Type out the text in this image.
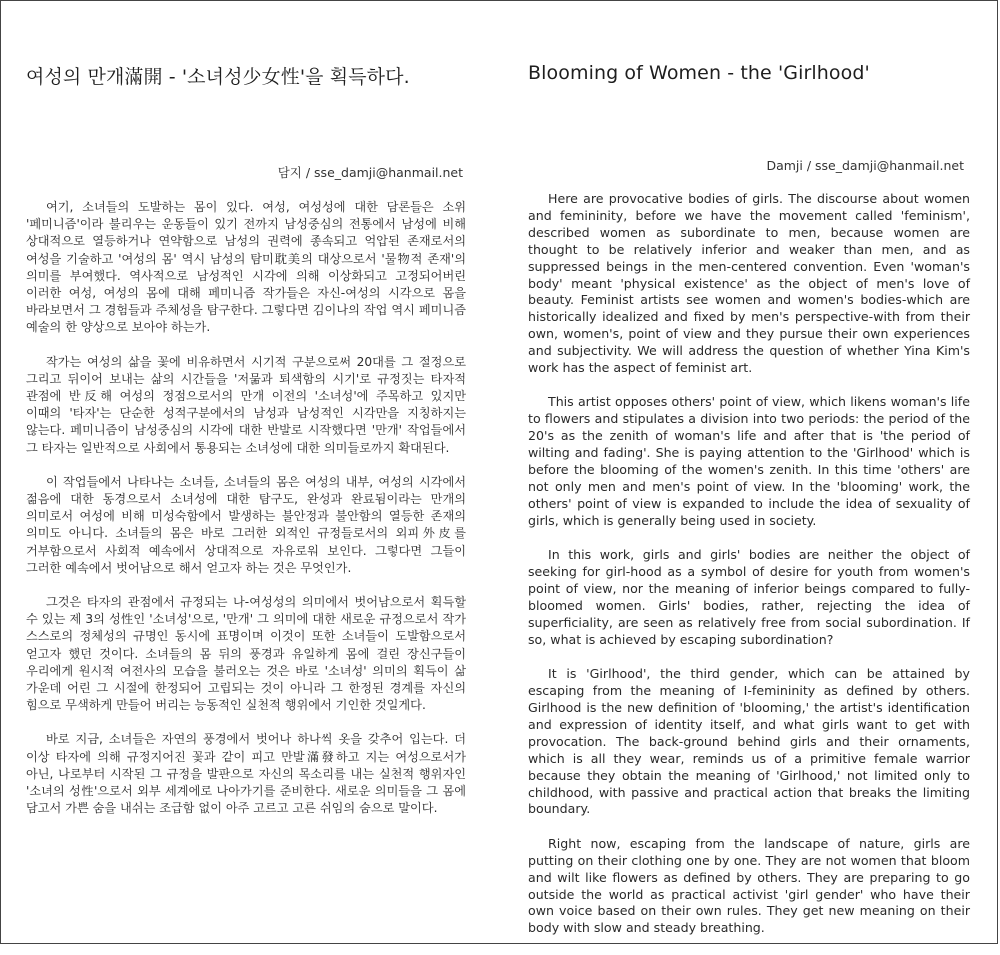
여성의 만개滿開 - '소녀성少女性'을 획득하다.
담지 / sse_damji@hanmail.net

여기, 소녀들의 도발하는 몸이 있다. 여성, 여성성에 대한 담론들은 소위 '페미니즘'이라 불리우는 운동들이 있기 전까지 남성중심의 전통에서 남성에 비해 상대적으로 열등하거나 연약함으로 남성의 권력에 종속되고 억압된 존재로서의 여성을 기술하고 '여성의 몸' 역시 남성의 탐미耽美의 대상으로서 '물物적 존재'의 의미를 부여했다. 역사적으로 남성적인 시각에 의해 이상화되고 고정되어버린 이러한 여성, 여성의 몸에 대해 페미니즘 작가들은 자신-여성의 시각으로 몸을 바라보면서 그 경험들과 주체성을 탐구한다. 그렇다면 김이나의 작업 역시 페미니즘 예술의 한 양상으로 보아야 하는가.

작가는 여성의 삶을 꽃에 비유하면서 시기적 구분으로써 20대를 그 절정으로 그리고 뒤이어 보내는 삶의 시간들을 '저묾과 퇴색함의 시기'로 규정짓는 타자적 관점에 반反해 여성의 정점으로서의 만개 이전의 '소녀성'에 주목하고 있지만 이때의 '타자'는 단순한 성적구분에서의 남성과 남성적인 시각만을 지칭하지는 않는다. 페미니즘이 남성중심의 시각에 대한 반발로 시작했다면 '만개' 작업들에서 그 타자는 일반적으로 사회에서 통용되는 소녀성에 대한 의미들로까지 확대된다.

이 작업들에서 나타나는 소녀들, 소녀들의 몸은 여성의 내부, 여성의 시각에서 젊음에 대한 동경으로서 소녀성에 대한 탐구도, 완성과 완료됨이라는 만개의 의미로서 여성에 비해 미성숙함에서 발생하는 불안정과 불안함의 열등한 존재의 의미도 아니다. 소녀들의 몸은 바로 그러한 외적인 규정들로서의 외피外皮를 거부함으로서 사회적 예속에서 상대적으로 자유로워 보인다. 그렇다면 그들이 그러한 예속에서 벗어남으로 해서 얻고자 하는 것은 무엇인가.

그것은 타자의 관점에서 규정되는 나-여성성의 의미에서 벗어남으로서 획득할 수 있는 제 3의 성性인 '소녀성'으로, '만개' 그 의미에 대한 새로운 규정으로서 작가 스스로의 정체성의 규명인 동시에 표명이며 이것이 또한 소녀들이 도발함으로서 얻고자 했던 것이다. 소녀들의 몸 뒤의 풍경과 유일하게 몸에 걸린 장신구들이 우리에게 원시적 여전사의 모습을 불러오는 것은 바로 '소녀성' 의미의 획득이 삶 가운데 어린 그 시절에 한정되어 고립되는 것이 아니라 그 한정된 경계를 자신의 힘으로 무색하게 만들어 버리는 능동적인 실천적 행위에서 기인한 것일게다.

바로 지금, 소녀들은 자연의 풍경에서 벗어나 하나씩 옷을 갖추어 입는다. 더 이상 타자에 의해 규정지어진 꽃과 같이 피고 만발滿發하고 지는 여성으로서가 아닌, 나로부터 시작된 그 규정을 발판으로 자신의 목소리를 내는 실천적 행위자인 '소녀의 성性'으로서 외부 세계에로 나아가기를 준비한다. 새로운 의미들을 그 몸에 담고서 가쁜 숨을 내쉬는 조급함 없이 아주 고르고 고른 쉬임의 숨으로 말이다.

Blooming of Women - the 'Girlhood'
Damji / sse_damji@hanmail.net

Here are provocative bodies of girls. The discourse about women and femininity, before we have the movement called 'feminism', described women as subordinate to men, because women are thought to be relatively inferior and weaker than men, and as suppressed beings in the men-centered convention. Even 'woman's body' meant 'physical existence' as the object of men's love of beauty. Feminist artists see women and women's bodies-which are historically idealized and fixed by men's perspective-with from their own, women's, point of view and they pursue their own experiences and subjectivity. We will address the question of whether Yina Kim's work has the aspect of feminist art.

This artist opposes others' point of view, which likens woman's life to flowers and stipulates a division into two periods: the period of the 20's as the zenith of woman's life and after that is 'the period of wilting and fading'. She is paying attention to the 'Girlhood' which is before the blooming of the women's zenith. In this time 'others' are not only men and men's point of view. In the 'blooming' work, the others' point of view is expanded to include the idea of sexuality of girls, which is generally being used in society.

In this work, girls and girls' bodies are neither the object of seeking for girl-hood as a symbol of desire for youth from women's point of view, nor the meaning of inferior beings compared to fully-bloomed women. Girls' bodies, rather, rejecting the idea of superficiality, are seen as relatively free from social subordination. If so, what is achieved by escaping subordination?

It is 'Girlhood', the third gender, which can be attained by escaping from the meaning of I-femininity as defined by others. Girlhood is the new definition of 'blooming,' the artist's identification and expression of identity itself, and what girls want to get with provocation. The back-ground behind girls and their ornaments, which is all they wear, reminds us of a primitive female warrior because they obtain the meaning of 'Girlhood,' not limited only to childhood, with passive and practical action that breaks the limiting boundary.

Right now, escaping from the landscape of nature, girls are putting on their clothing one by one. They are not women that bloom and wilt like flowers as defined by others. They are preparing to go outside the world as practical activist 'girl gender' who have their own voice based on their own rules. They get new meaning on their body with slow and steady breathing.
